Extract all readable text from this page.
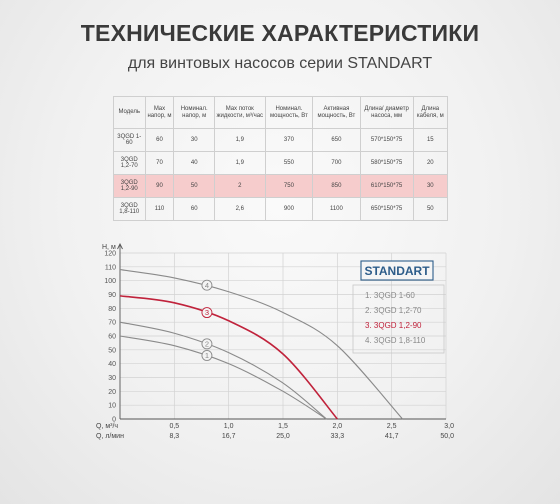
ТЕХНИЧЕСКИЕ ХАРАКТЕРИСТИКИ
для винтовых насосов серии STANDART
Модель	Max напор, м	Номинал. напор, м	Max поток жидкости, м³/час	Номинал. мощность, Вт	Активная мощность, Вт	Длина/ диаметр насоса, мм	Длина кабеля, м
3QGD 1-60	60	30	1,9	370	650	570*150*75	15
3QGD 1,2-70	70	40	1,9	550	700	580*150*75	20
3QGD 1,2-90	90	50	2	750	850	610*150*75	30
3QGD 1,8-110	110	60	2,6	900	1100	650*150*75	50
0
10
20
30
40
50
60
70
80
90
100
110
120
H, м
0,5
8,3
1,0
16,7
1,5
25,0
2,0
33,3
2,5
41,7
3,0
50,0
Q, м³/ч
Q, л/мин
1
2
3
4
1. 3QGD 1-60
2. 3QGD 1,2-70
3. 3QGD 1,2-90
4. 3QGD 1,8-110
STANDART
